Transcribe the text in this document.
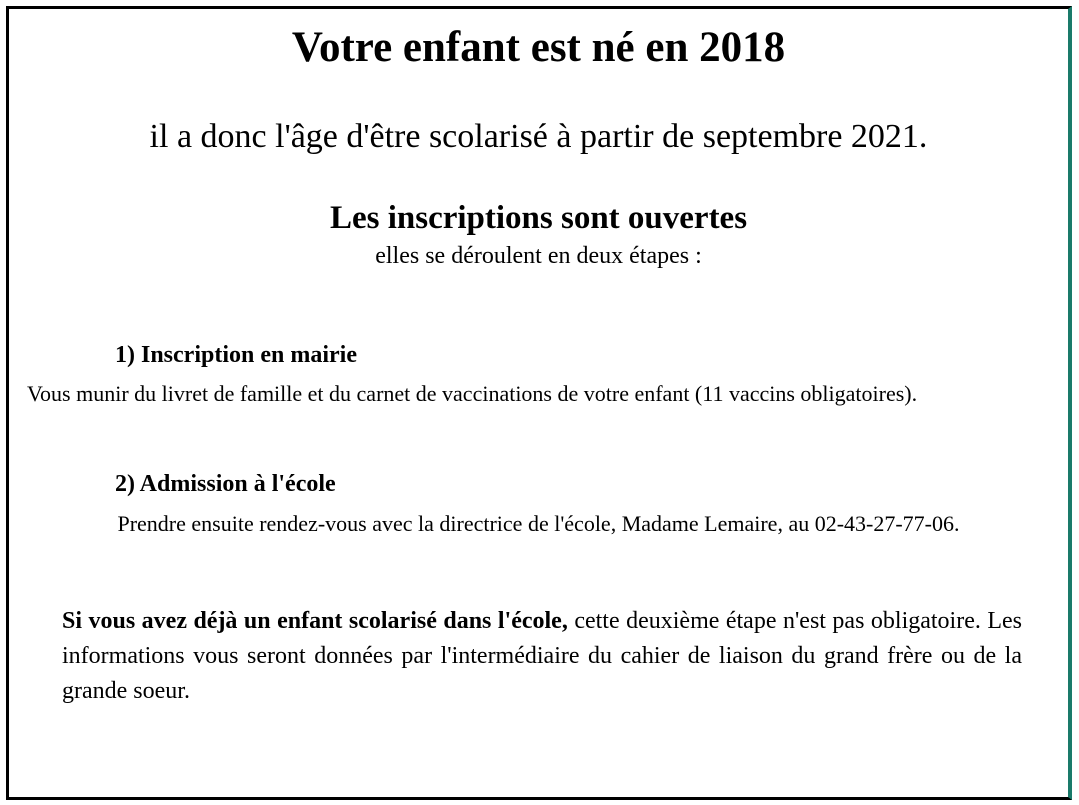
Votre enfant est né en 2018

il a donc l'âge d'être scolarisé à partir de septembre 2021.

Les inscriptions sont ouvertes

elles se déroulent en deux étapes :

1) Inscription en mairie

Vous munir du livret de famille et du carnet de vaccinations de votre enfant (11 vaccins obligatoires).

2) Admission à l'école

Prendre ensuite rendez-vous avec la directrice de l'école, Madame Lemaire, au 02-43-27-77-06.

Si vous avez déjà un enfant scolarisé dans l'école, cette deuxième étape n'est pas obligatoire. Les informations vous seront données par l'intermédiaire du cahier de liaison du grand frère ou de la grande soeur.
